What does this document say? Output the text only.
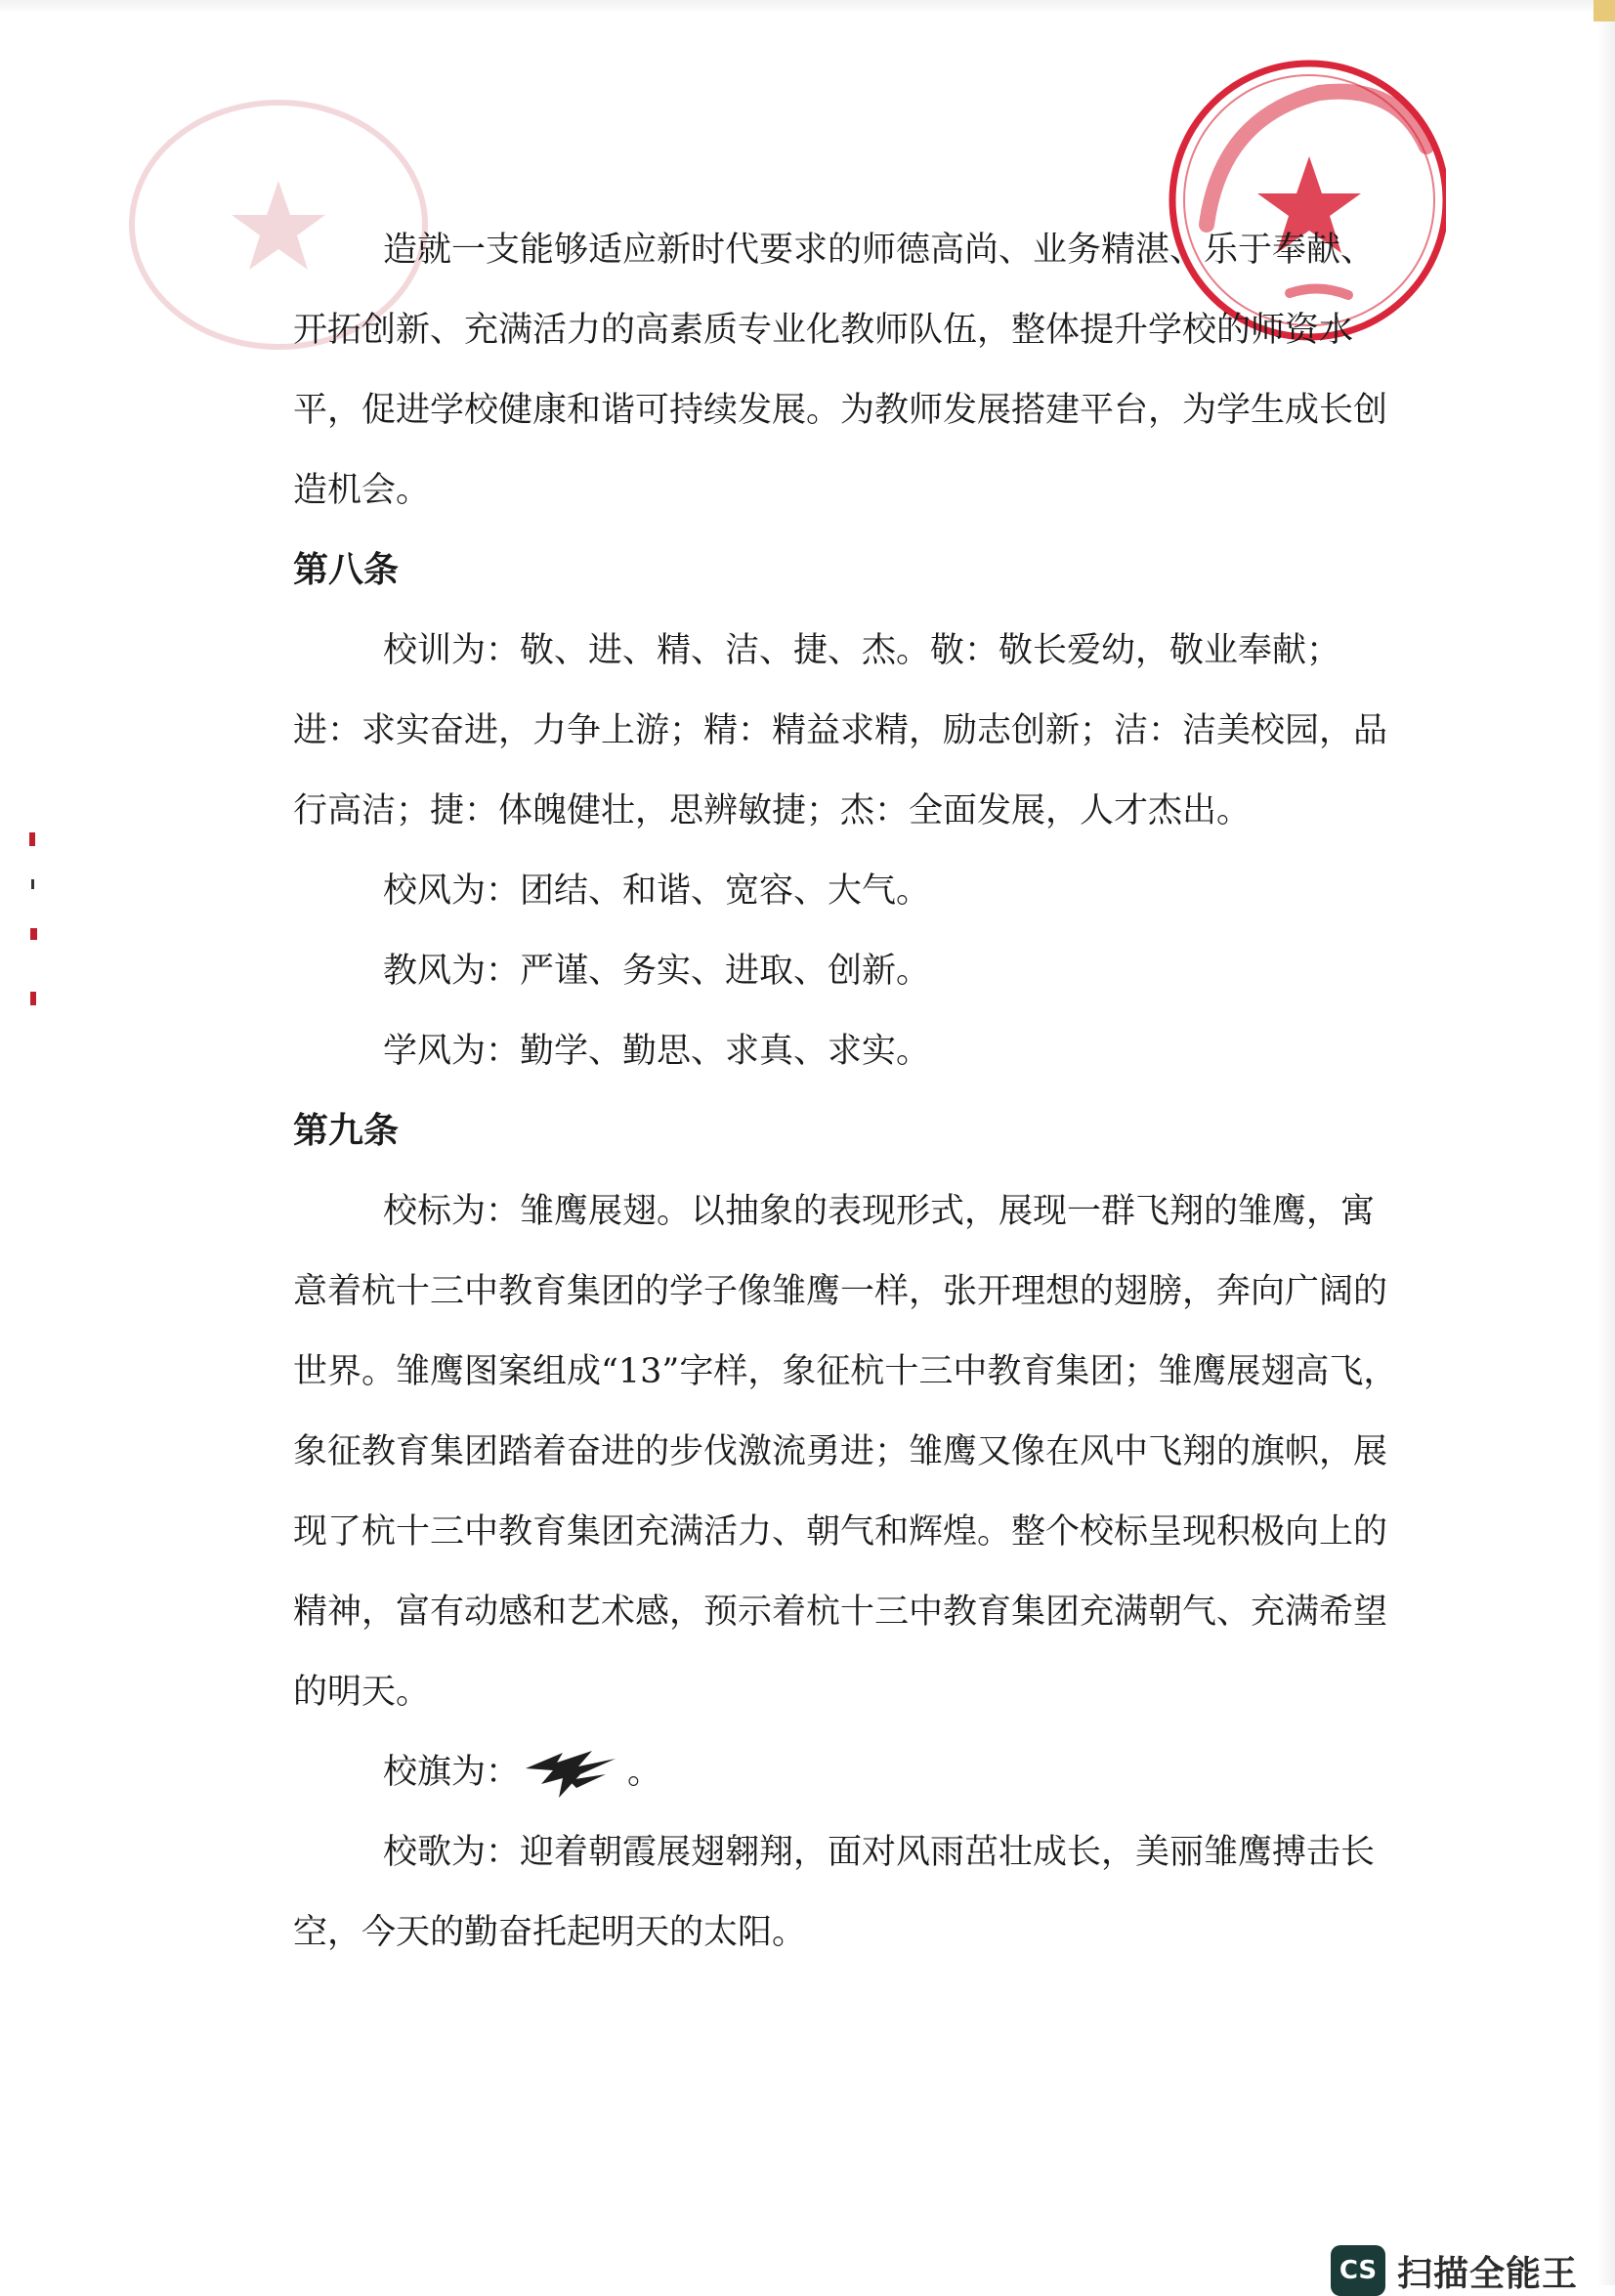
造就一支能够适应新时代要求的师德高尚、业务精湛、乐于奉献、开拓创新、充满活力的高素质专业化教师队伍，整体提升学校的师资水平，促进学校健康和谐可持续发展。为教师发展搭建平台，为学生成长创造机会。

第八条

校训为：敬、进、精、洁、捷、杰。敬：敬长爱幼，敬业奉献；进：求实奋进，力争上游；精：精益求精，励志创新；洁：洁美校园，品行高洁；捷：体魄健壮，思辨敏捷；杰：全面发展，人才杰出。

校风为：团结、和谐、宽容、大气。

教风为：严谨、务实、进取、创新。

学风为：勤学、勤思、求真、求实。

第九条

校标为：雏鹰展翅。以抽象的表现形式，展现一群飞翔的雏鹰，寓意着杭十三中教育集团的学子像雏鹰一样，张开理想的翅膀，奔向广阔的世界。雏鹰图案组成“13”字样，象征杭十三中教育集团；雏鹰展翅高飞，象征教育集团踏着奋进的步伐激流勇进；雏鹰又像在风中飞翔的旗帜，展现了杭十三中教育集团充满活力、朝气和辉煌。整个校标呈现积极向上的精神，富有动感和艺术感，预示着杭十三中教育集团充满朝气、充满希望的明天。

校旗为：	。

校歌为：迎着朝霞展翅翱翔，面对风雨茁壮成长，美丽雏鹰搏击长空，今天的勤奋托起明天的太阳。

CS 扫描全能王
